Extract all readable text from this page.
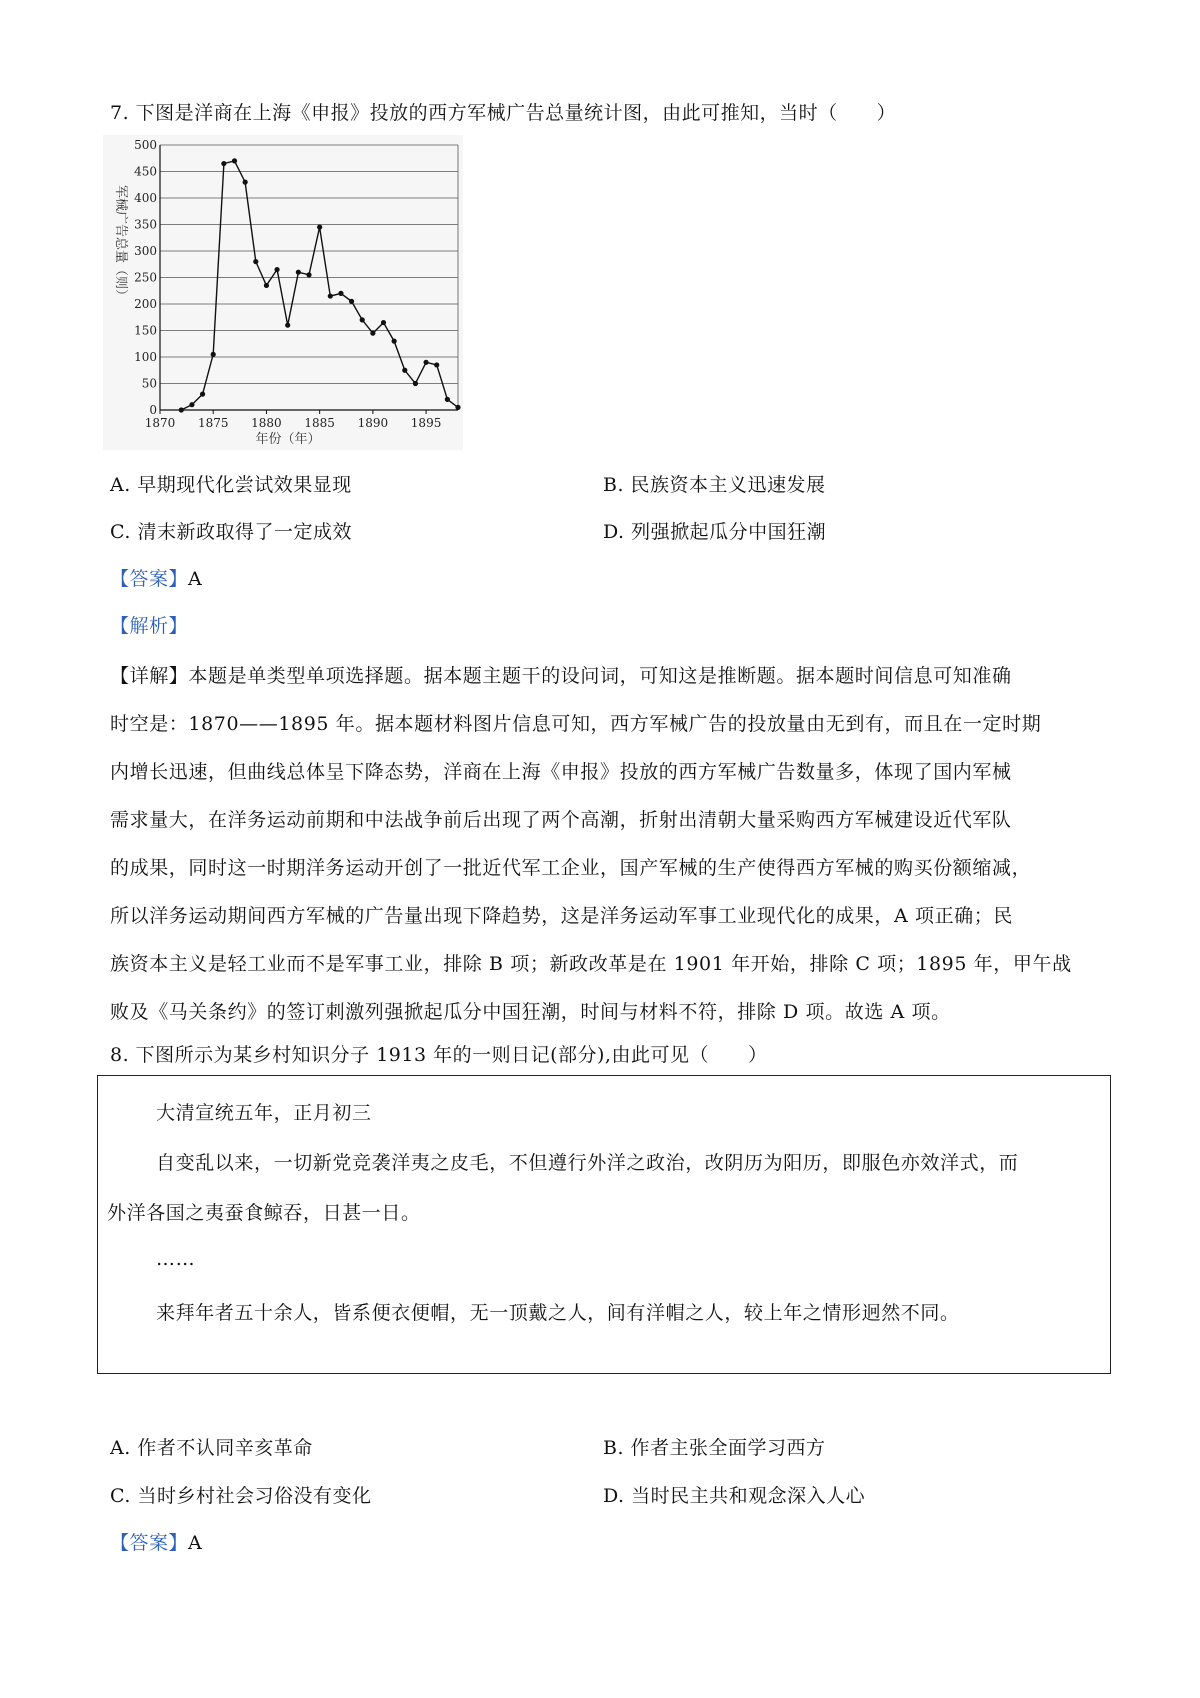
7. 下图是洋商在上海《申报》投放的西方军械广告总量统计图，由此可推知，当时（　　）
0
50
100
150
200
250
300
350
400
450
500
1870 1875 1880 1885 1890 1895
军械广告总量（则）
年份（年）
A. 早期现代化尝试效果显现	B. 民族资本主义迅速发展
C. 清末新政取得了一定成效	D. 列强掀起瓜分中国狂潮
【答案】A
【解析】
【详解】本题是单类型单项选择题。据本题主题干的设问词，可知这是推断题。据本题时间信息可知准确
时空是：1870——1895 年。据本题材料图片信息可知，西方军械广告的投放量由无到有，而且在一定时期
内增长迅速，但曲线总体呈下降态势，洋商在上海《申报》投放的西方军械广告数量多，体现了国内军械
需求量大，在洋务运动前期和中法战争前后出现了两个高潮，折射出清朝大量采购西方军械建设近代军队
的成果，同时这一时期洋务运动开创了一批近代军工企业，国产军械的生产使得西方军械的购买份额缩减，
所以洋务运动期间西方军械的广告量出现下降趋势，这是洋务运动军事工业现代化的成果，A 项正确；民
族资本主义是轻工业而不是军事工业，排除 B 项；新政改革是在 1901 年开始，排除 C 项；1895 年，甲午战
败及《马关条约》的签订刺激列强掀起瓜分中国狂潮，时间与材料不符，排除 D 项。故选 A 项。
8. 下图所示为某乡村知识分子 1913 年的一则日记(部分),由此可见（　　）
大清宣统五年，正月初三
自变乱以来，一切新党竞袭洋夷之皮毛，不但遵行外洋之政治，改阴历为阳历，即服色亦效洋式，而
外洋各国之夷蚕食鲸吞，日甚一日。
……
来拜年者五十余人，皆系便衣便帽，无一顶戴之人，间有洋帽之人，较上年之情形迥然不同。
A. 作者不认同辛亥革命	B. 作者主张全面学习西方
C. 当时乡村社会习俗没有变化	D. 当时民主共和观念深入人心
【答案】A
